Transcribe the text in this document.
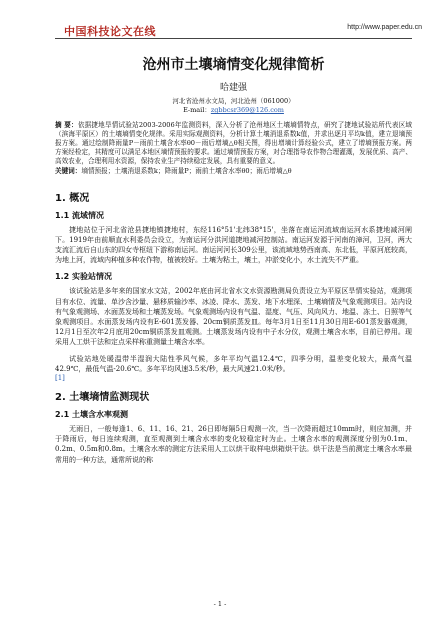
中国科技论文在线	http://www.paper.edu.cn
沧州市土壤墒情变化规律简析
哈建强
河北省沧州水文局，河北沧州（061000）
E-mail：zgbbcsr369@126.com
摘 要：依据捷地旱情试验站2003-2006年监测资料，深入分析了沧州地区土壤墒情特点，研究了捷地试验站所代表区域（滨海平原区）的土壤墒情变化规律。采用实际观测资料，分析计算土壤消退系数k值，并求出逐月平均k值，建立退墒预报方案。通过绘制降雨量P－雨前土壤含水率θ0－雨后增墒△θ相关图，得出增墒计算经验公式，建立了增墒预报方案。两方案经检定，其精度可以满足本地区墒情预报的要求。通过墒情预报方案，对合理指导农作物合理灌溉，发展优质、高产、高效农业，合理利用水资源，保持农业生产持续稳定发展，具有重要的意义。
关键词：墒情预报；土壤消退系数k；降雨量P；雨前土壤含水率θ0；雨后增墒△θ
1. 概况
1.1 流域情况

捷地站位于河北省沧县捷地镇捷地村，东经116°51'北纬38°15'，坐落在南运河流域南运河水系捷地减河闸下。1919年由前顺直水利委员会设立，为南运河分洪河道捷地减河控制站。南运河发源于河南的漳河，卫河，两大支流汇流后自山东的四女寺枢纽下游称南运河。南运河河长309公里，该流域地势西南高、东北低，平原河底较高，为地上河，流域内种植多种农作物，植被较好。土壤为粘土，壤土，冲淤变化小，水土流失不严重。

1.2 实验站情况

该试验站是多年来的国家水文站，2002年底由河北省水文水资源勘测局负责设立为平原区旱情实验站，观测项目有水位、流量、单沙含沙量、悬移质输沙率、冰凌、降水、蒸发、地下水埋深、土壤墒情及气象观测项目。站内设有气象观测场、水面蒸发场和土壤蒸发场。气象观测场内设有气温、湿度、气压、风向风力、地温、冻土、日照等气象观测项目。水面蒸发场内设有E-601蒸发器、20cm铜质蒸发皿。每年3月1日至11月30日用E-601蒸发器观测，12月1日至次年2月底用20cm铜质蒸发皿观测。土壤蒸发场内设有中子水分仪，观测土壤含水率，目前已停用。现采用人工烘干法和定点采样称重测量土壤含水率。

试验站地处暖温带半湿润大陆性季风气候，多年平均气温12.4℃，四季分明，温差变化较大，最高气温42.9℃，最低气温-20.6℃。多年平均风速3.5米/秒，最大风速21.0米/秒。

[1]
2. 土壤墒情监测现状
2.1 土壤含水率观测

无雨日，一般每逢1、6、11、16、21、26日即每隔5日观测一次，当一次降雨超过10mm时，则应加测，并于降雨后，每日连续观测，直至观测到土壤含水率的变化较稳定时为止。土壤含水率的观测深度分别为0.1m、0.2m、0.5m和0.8m。土壤含水率的测定方法采用人工以烘干取样电烘箱烘干法。烘干法是当前测定土壤含水率最常用的一种方法，通常所说的称

- 1 -
